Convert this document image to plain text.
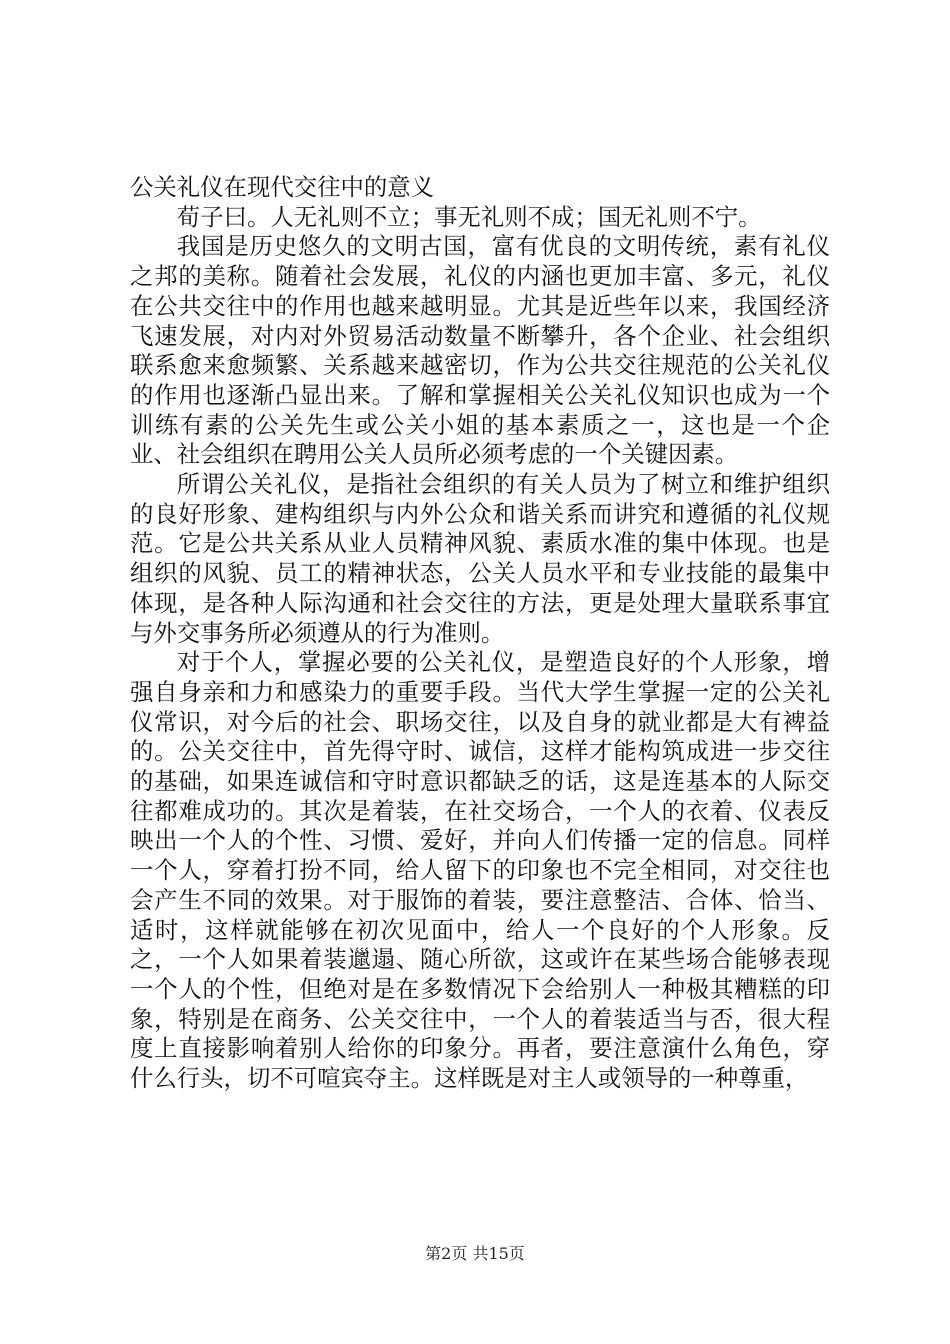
公关礼仪在现代交往中的意义

荀子曰。人无礼则不立；事无礼则不成；国无礼则不宁。

我国是历史悠久的文明古国，富有优良的文明传统，素有礼仪之邦的美称。随着社会发展，礼仪的内涵也更加丰富、多元，礼仪在公共交往中的作用也越来越明显。尤其是近些年以来，我国经济飞速发展，对内对外贸易活动数量不断攀升，各个企业、社会组织联系愈来愈频繁、关系越来越密切，作为公共交往规范的公关礼仪的作用也逐渐凸显出来。了解和掌握相关公关礼仪知识也成为一个训练有素的公关先生或公关小姐的基本素质之一，这也是一个企业、社会组织在聘用公关人员所必须考虑的一个关键因素。

所谓公关礼仪，是指社会组织的有关人员为了树立和维护组织的良好形象、建构组织与内外公众和谐关系而讲究和遵循的礼仪规范。它是公共关系从业人员精神风貌、素质水准的集中体现。也是组织的风貌、员工的精神状态，公关人员水平和专业技能的最集中体现，是各种人际沟通和社会交往的方法，更是处理大量联系事宜与外交事务所必须遵从的行为准则。

对于个人，掌握必要的公关礼仪，是塑造良好的个人形象，增强自身亲和力和感染力的重要手段。当代大学生掌握一定的公关礼仪常识，对今后的社会、职场交往，以及自身的就业都是大有裨益的。公关交往中，首先得守时、诚信，这样才能构筑成进一步交往的基础，如果连诚信和守时意识都缺乏的话，这是连基本的人际交往都难成功的。其次是着装，在社交场合，一个人的衣着、仪表反映出一个人的个性、习惯、爱好，并向人们传播一定的信息。同样一个人，穿着打扮不同，给人留下的印象也不完全相同，对交往也会产生不同的效果。对于服饰的着装，要注意整洁、合体、恰当、适时，这样就能够在初次见面中，给人一个良好的个人形象。反之，一个人如果着装邋遢、随心所欲，这或许在某些场合能够表现一个人的个性，但绝对是在多数情况下会给别人一种极其糟糕的印象，特别是在商务、公关交往中，一个人的着装适当与否，很大程度上直接影响着别人给你的印象分。再者，要注意演什么角色，穿什么行头，切不可喧宾夺主。这样既是对主人或领导的一种尊重，

第2页 共15页
